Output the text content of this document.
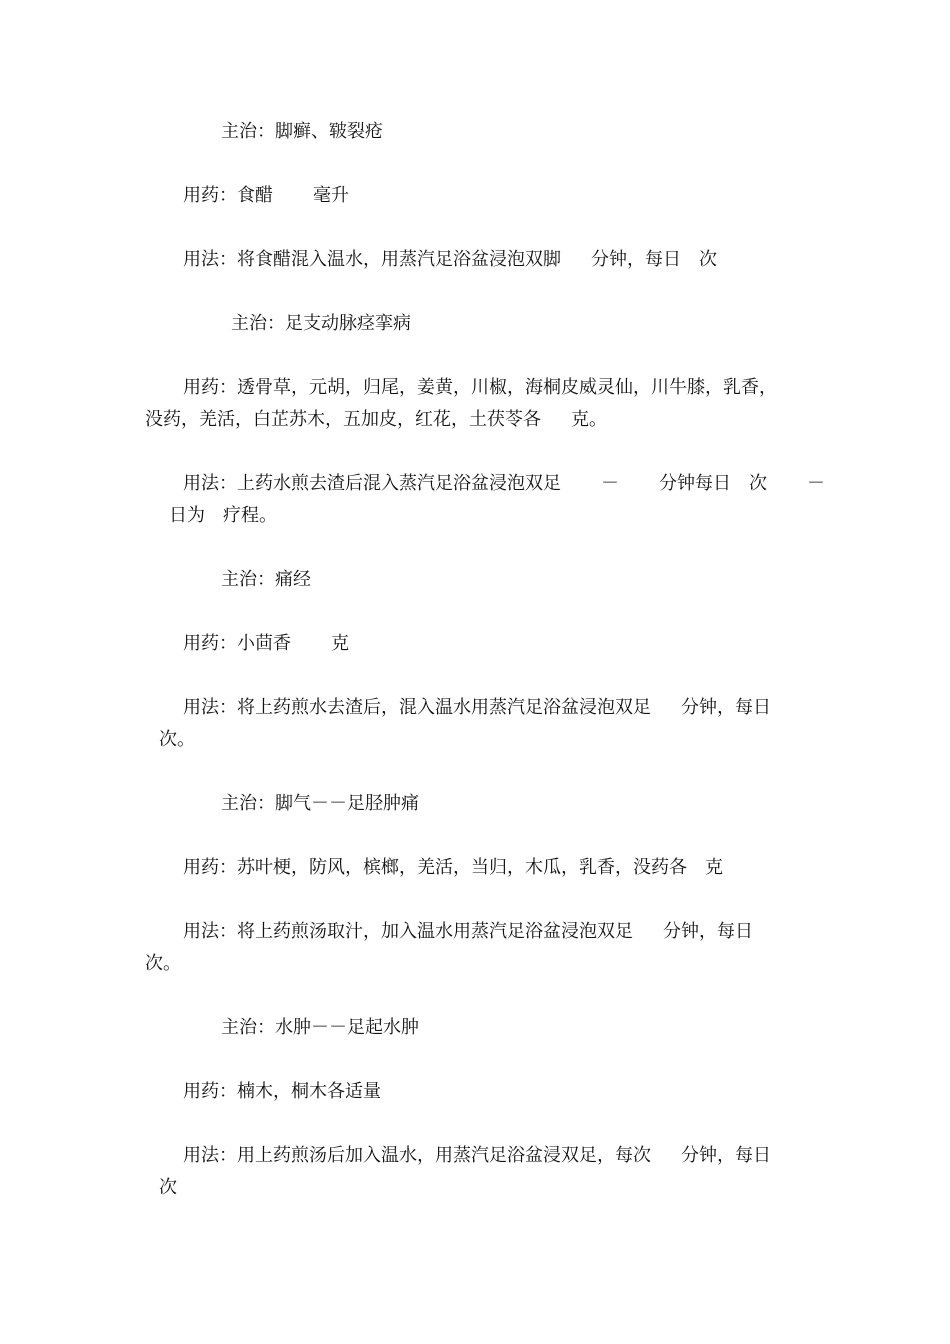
主治：脚癣、皲裂疮
用药：食醋 毫升
用法：将食醋混入温水，用蒸汽足浴盆浸泡双脚 分钟，每日 次
主治：足支动脉痉挛病
用药：透骨草，元胡，归尾，姜黄，川椒，海桐皮威灵仙，川牛膝，乳香，
没药，羌活，白芷苏木，五加皮，红花，土茯苓各 克。
用法：上药水煎去渣后混入蒸汽足浴盆浸泡双足 － 分钟每日 次 －
日为 疗程。
主治：痛经
用药：小茴香 克
用法：将上药煎水去渣后，混入温水用蒸汽足浴盆浸泡双足 分钟，每日
次。
主治：脚气－－足胫肿痛
用药：苏叶梗，防风，槟榔，羌活，当归，木瓜，乳香，没药各 克
用法：将上药煎汤取汁，加入温水用蒸汽足浴盆浸泡双足 分钟，每日
次。
主治：水肿－－足起水肿
用药：楠木，桐木各适量
用法：用上药煎汤后加入温水，用蒸汽足浴盆浸双足，每次 分钟，每日
次
